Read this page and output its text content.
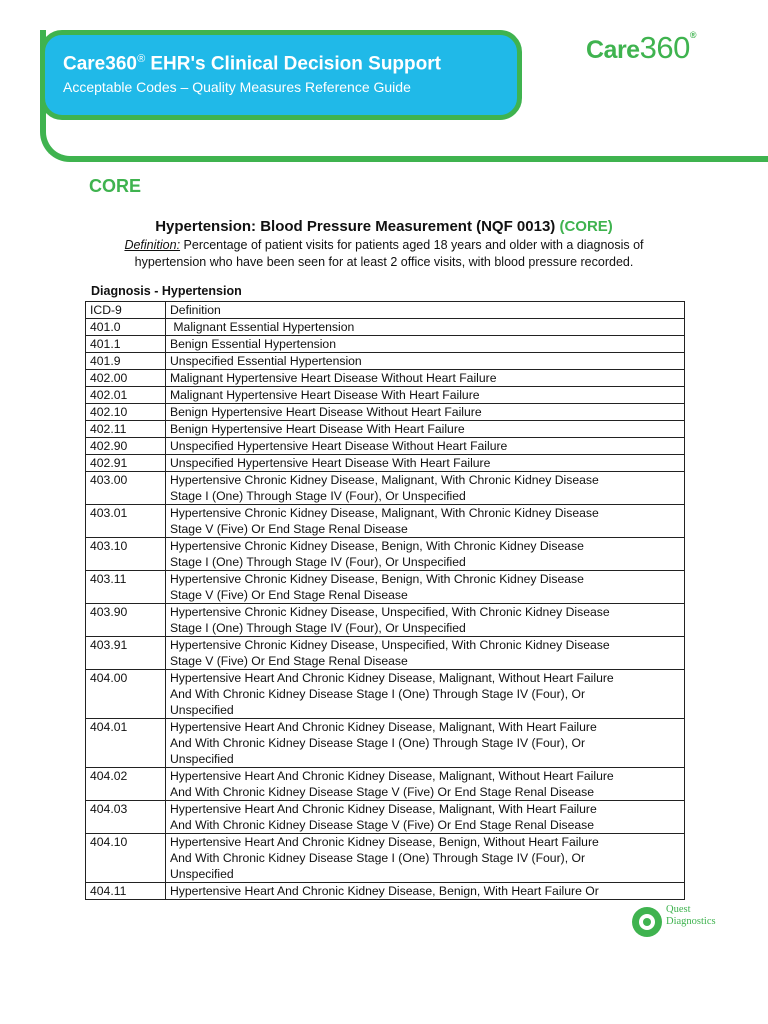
Care360® EHR's Clinical Decision Support
Acceptable Codes – Quality Measures Reference Guide
Care360®
CORE
Hypertension: Blood Pressure Measurement (NQF 0013) (CORE)
Definition: Percentage of patient visits for patients aged 18 years and older with a diagnosis of hypertension who have been seen for at least 2 office visits, with blood pressure recorded.
Diagnosis - Hypertension
ICD-9	Definition
401.0	Malignant Essential Hypertension
401.1	Benign Essential Hypertension
401.9	Unspecified Essential Hypertension
402.00	Malignant Hypertensive Heart Disease Without Heart Failure
402.01	Malignant Hypertensive Heart Disease With Heart Failure
402.10	Benign Hypertensive Heart Disease Without Heart Failure
402.11	Benign Hypertensive Heart Disease With Heart Failure
402.90	Unspecified Hypertensive Heart Disease Without Heart Failure
402.91	Unspecified Hypertensive Heart Disease With Heart Failure
403.00	Hypertensive Chronic Kidney Disease, Malignant, With Chronic Kidney Disease
Stage I (One) Through Stage IV (Four), Or Unspecified
403.01	Hypertensive Chronic Kidney Disease, Malignant, With Chronic Kidney Disease
Stage V (Five) Or End Stage Renal Disease
403.10	Hypertensive Chronic Kidney Disease, Benign, With Chronic Kidney Disease
Stage I (One) Through Stage IV (Four), Or Unspecified
403.11	Hypertensive Chronic Kidney Disease, Benign, With Chronic Kidney Disease
Stage V (Five) Or End Stage Renal Disease
403.90	Hypertensive Chronic Kidney Disease, Unspecified, With Chronic Kidney Disease
Stage I (One) Through Stage IV (Four), Or Unspecified
403.91	Hypertensive Chronic Kidney Disease, Unspecified, With Chronic Kidney Disease
Stage V (Five) Or End Stage Renal Disease
404.00	Hypertensive Heart And Chronic Kidney Disease, Malignant, Without Heart Failure
And With Chronic Kidney Disease Stage I (One) Through Stage IV (Four), Or
Unspecified
404.01	Hypertensive Heart And Chronic Kidney Disease, Malignant, With Heart Failure
And With Chronic Kidney Disease Stage I (One) Through Stage IV (Four), Or
Unspecified
404.02	Hypertensive Heart And Chronic Kidney Disease, Malignant, Without Heart Failure
And With Chronic Kidney Disease Stage V (Five) Or End Stage Renal Disease
404.03	Hypertensive Heart And Chronic Kidney Disease, Malignant, With Heart Failure
And With Chronic Kidney Disease Stage V (Five) Or End Stage Renal Disease
404.10	Hypertensive Heart And Chronic Kidney Disease, Benign, Without Heart Failure
And With Chronic Kidney Disease Stage I (One) Through Stage IV (Four), Or
Unspecified
404.11	Hypertensive Heart And Chronic Kidney Disease, Benign, With Heart Failure Or
Quest
Diagnostics
